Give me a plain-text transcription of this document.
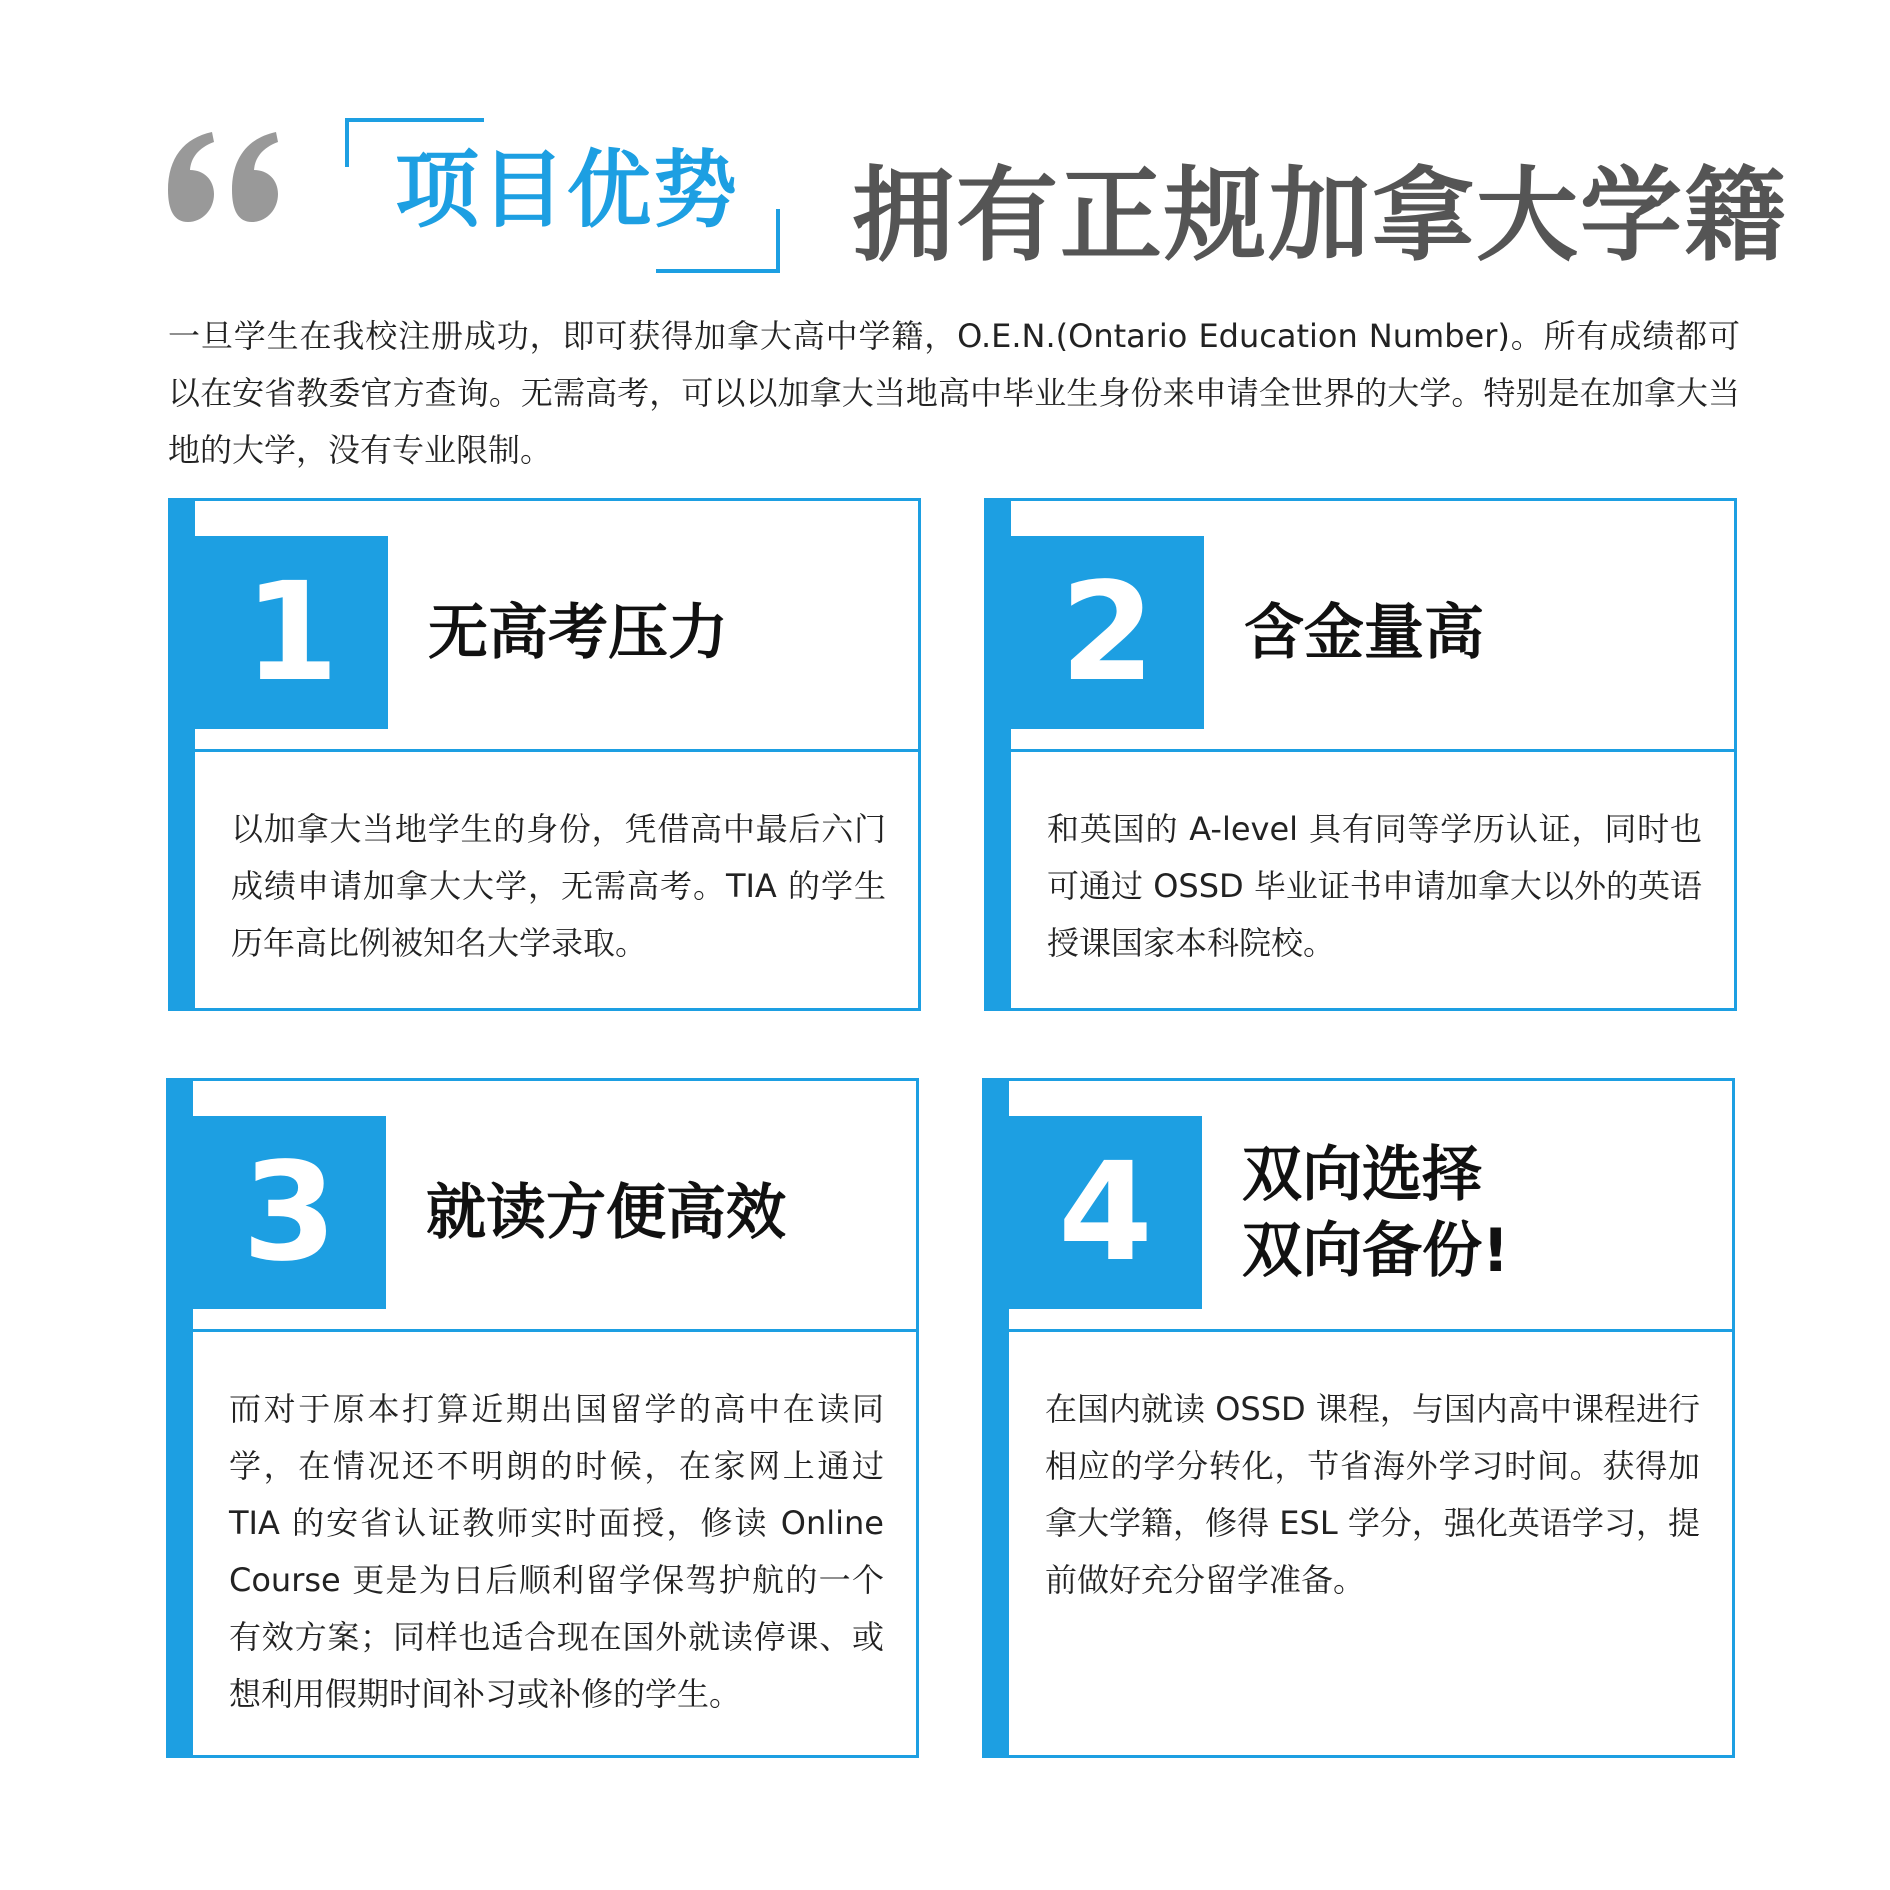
项目优势 拥有正规加拿大学籍
一旦学生在我校注册成功，即可获得加拿大高中学籍，O.E.N.(Ontario Education Number)。所有成绩都可以在安省教委官方查询。无需高考，可以以加拿大当地高中毕业生身份来申请全世界的大学。特别是在加拿大当地的大学，没有专业限制。
1	无高考压力
以加拿大当地学生的身份，凭借高中最后六门成绩申请加拿大大学，无需高考。TIA 的学生历年高比例被知名大学录取。
2	含金量高
和英国的 A-level 具有同等学历认证，同时也可通过 OSSD 毕业证书申请加拿大以外的英语授课国家本科院校。
3	就读方便高效
而对于原本打算近期出国留学的高中在读同学，在情况还不明朗的时候，在家网上通过 TIA 的安省认证教师实时面授，修读 Online Course 更是为日后顺利留学保驾护航的一个有效方案；同样也适合现在国外就读停课、或想利用假期时间补习或补修的学生。
4	双向选择
双向备份!
在国内就读 OSSD 课程，与国内高中课程进行相应的学分转化，节省海外学习时间。获得加拿大学籍，修得 ESL 学分，强化英语学习，提前做好充分留学准备。
